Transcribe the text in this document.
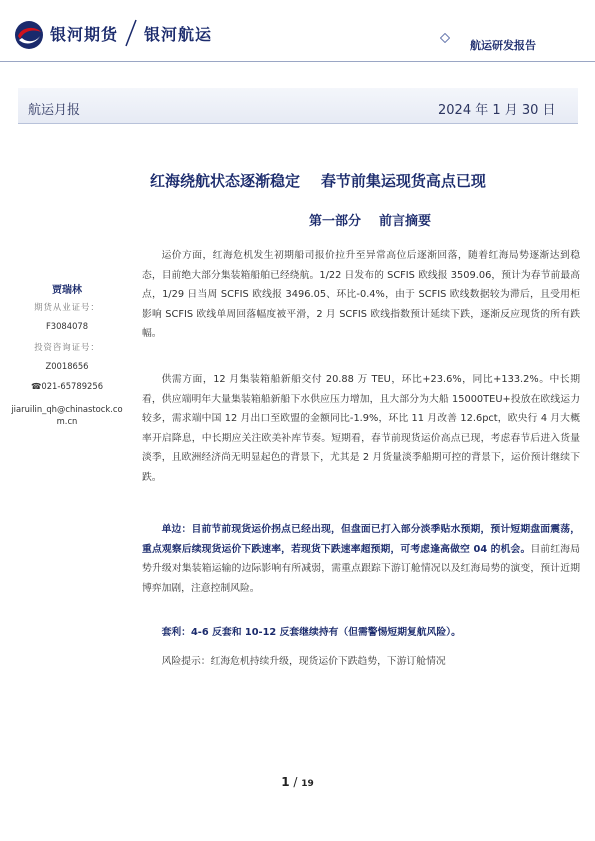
银河期货 银河航运
航运研发报告
航运月报	2024 年 1 月 30 日
红海绕航状态逐渐稳定    春节前集运现货高点已现
第一部分    前言摘要
贾瑞林
期货从业证号：
F3084078
投资咨询证号：
Z0018656
☎021-65789256
jiaruilin_qh@chinastock.com.cn
运价方面，红海危机发生初期船司报价拉升至异常高位后逐渐回落，随着红海局势逐渐达到稳态，目前绝大部分集装箱船舶已经绕航。1/22 日发布的 SCFIS 欧线报 3509.06，预计为春节前最高点，1/29 日当周 SCFIS 欧线报 3496.05、环比-0.4%，由于 SCFIS 欧线数据较为滞后，且受用柜影响 SCFIS 欧线单周回落幅度被平滑，2 月 SCFIS 欧线指数预计延续下跌，逐渐反应现货的所有跌幅。
供需方面，12 月集装箱船新船交付 20.88 万 TEU，环比+23.6%，同比+133.2%。中长期看，供应端明年大量集装箱船新船下水供应压力增加，且大部分为大船 15000TEU+投放在欧线运力较多，需求端中国 12 月出口至欧盟的金额同比-1.9%，环比 11 月改善 12.6pct，欧央行 4 月大概率开启降息，中长期应关注欧美补库节奏。短期看，春节前现货运价高点已现，考虑春节后进入货量淡季，且欧洲经济尚无明显起色的背景下，尤其是 2 月货量淡季船期可控的背景下，运价预计继续下跌。
单边：目前节前现货运价拐点已经出现，但盘面已打入部分淡季贴水预期，预计短期盘面震荡，重点观察后续现货运价下跌速率，若现货下跌速率超预期，可考虑逢高做空 04 的机会。目前红海局势升级对集装箱运输的边际影响有所减弱，需重点跟踪下游订舱情况以及红海局势的演变，预计近期博弈加剧，注意控制风险。
套利：4-6 反套和 10-12 反套继续持有（但需警惕短期复航风险）。
风险提示：红海危机持续升级，现货运价下跌趋势，下游订舱情况
1 / 19
